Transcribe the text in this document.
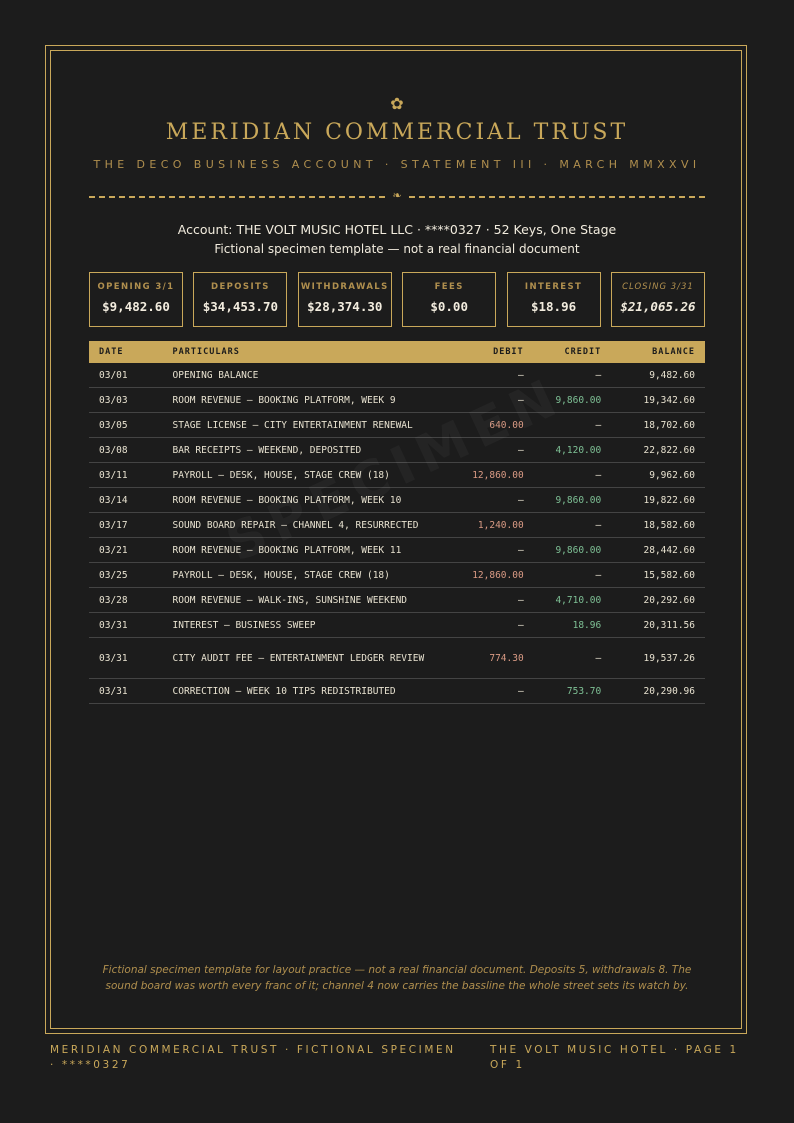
✿
MERIDIAN COMMERCIAL TRUST
THE DECO BUSINESS ACCOUNT · STATEMENT III · MARCH MMXXVI
❧
Account: THE VOLT MUSIC HOTEL LLC · ****0327 · 52 Keys, One Stage
Fictional specimen template — not a real financial document
OPENING 3/1
$9,482.60
DEPOSITS
$34,453.70
WITHDRAWALS
$28,374.30
FEES
$0.00
INTEREST
$18.96
CLOSING 3/31
$21,065.26
DATE	PARTICULARS	DEBIT	CREDIT	BALANCE
03/01	OPENING BALANCE	—	—	9,482.60
03/03	ROOM REVENUE — BOOKING PLATFORM, WEEK 9	—	9,860.00	19,342.60
03/05	STAGE LICENSE — CITY ENTERTAINMENT RENEWAL	640.00	—	18,702.60
03/08	BAR RECEIPTS — WEEKEND, DEPOSITED	—	4,120.00	22,822.60
03/11	PAYROLL — DESK, HOUSE, STAGE CREW (18)	12,860.00	—	9,962.60
03/14	ROOM REVENUE — BOOKING PLATFORM, WEEK 10	—	9,860.00	19,822.60
03/17	SOUND BOARD REPAIR — CHANNEL 4, RESURRECTED	1,240.00	—	18,582.60
03/21	ROOM REVENUE — BOOKING PLATFORM, WEEK 11	—	9,860.00	28,442.60
03/25	PAYROLL — DESK, HOUSE, STAGE CREW (18)	12,860.00	—	15,582.60
03/28	ROOM REVENUE — WALK-INS, SUNSHINE WEEKEND	—	4,710.00	20,292.60
03/31	INTEREST — BUSINESS SWEEP	—	18.96	20,311.56
03/31	CITY AUDIT FEE — ENTERTAINMENT LEDGER REVIEW	774.30	—	19,537.26
03/31	CORRECTION — WEEK 10 TIPS REDISTRIBUTED	—	753.70	20,290.96
Fictional specimen template for layout practice — not a real financial document. Deposits 5, withdrawals 8. The sound board was worth every franc of it; channel 4 now carries the bassline the whole street sets its watch by.
MERIDIAN COMMERCIAL TRUST · FICTIONAL SPECIMEN · ****0327
THE VOLT MUSIC HOTEL · PAGE 1 OF 1
